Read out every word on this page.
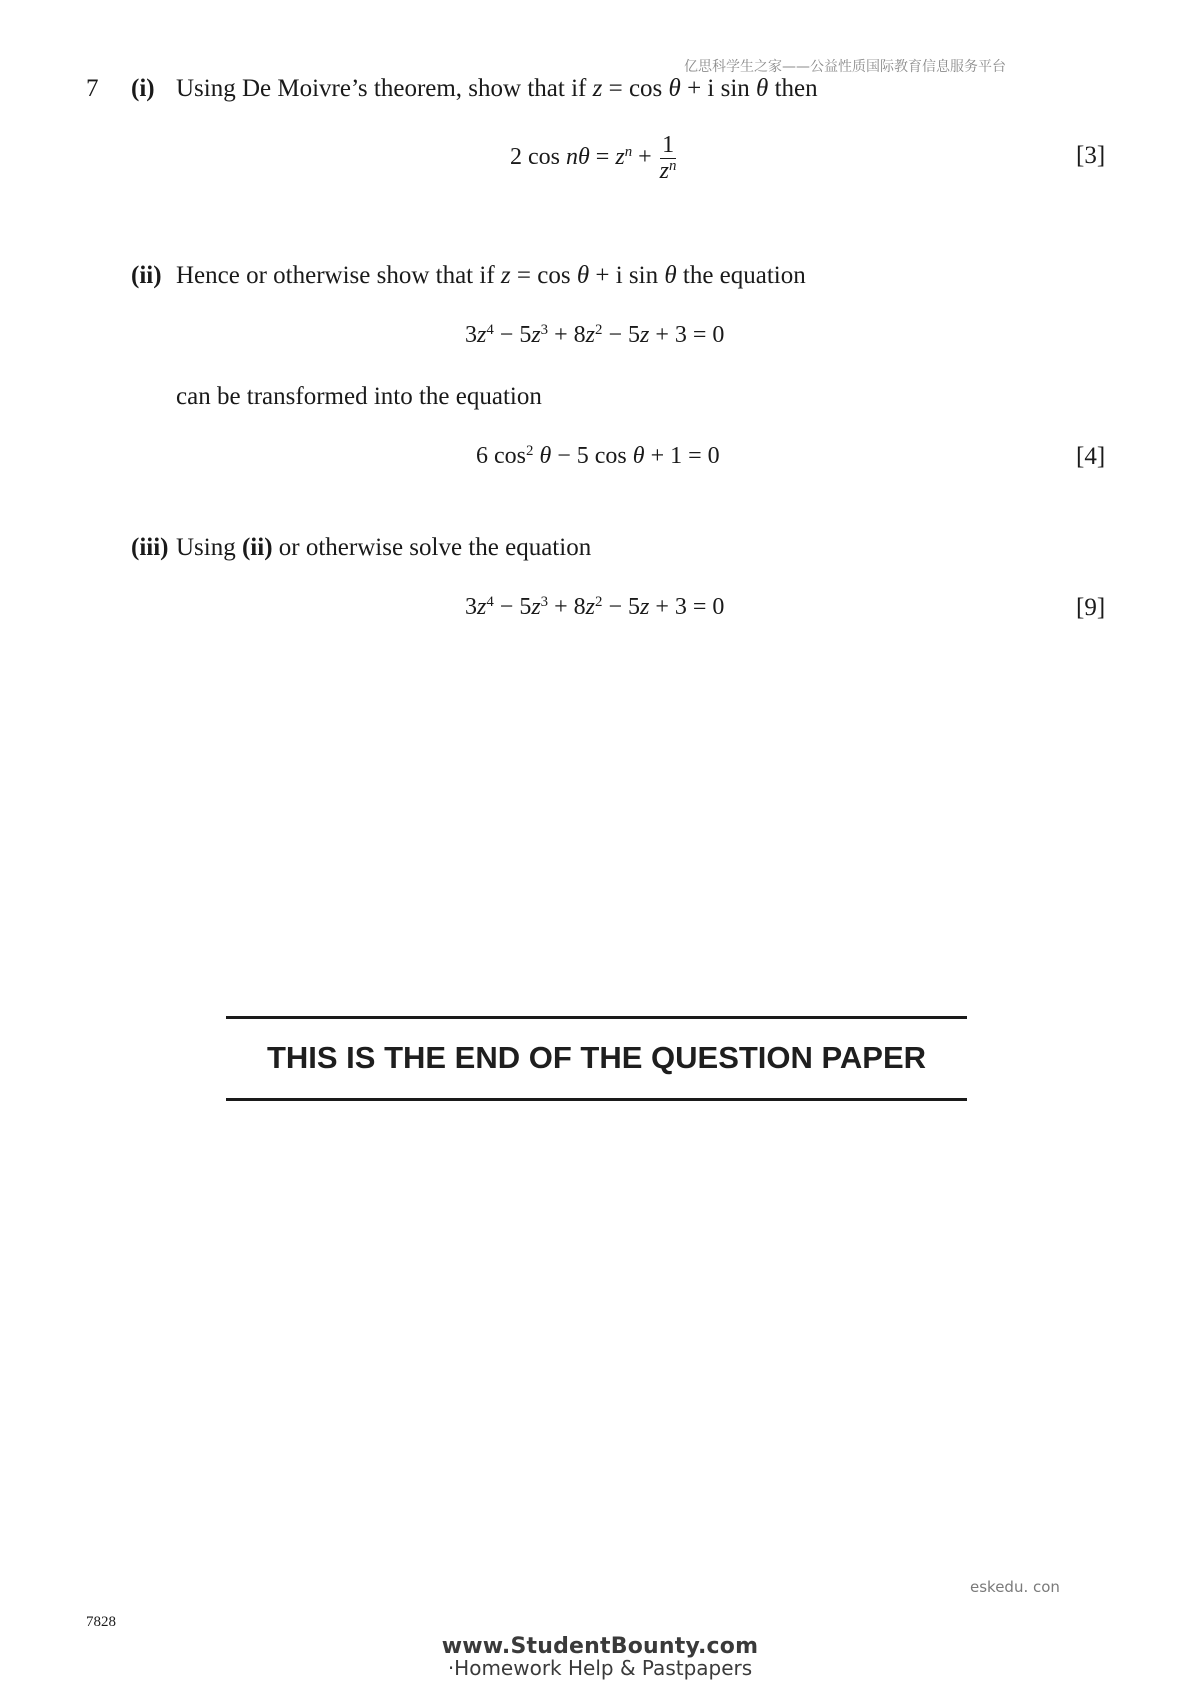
亿思科学生之家——公益性质国际教育信息服务平台
7 (i) Using De Moivre’s theorem, show that if z = cos θ + i sin θ then
2 $\cos n\theta = z^n + \frac{1}{z^n}$	[3]
(ii) Hence or otherwise show that if z = cos θ + i sin θ the equation
$3z^4 - 5z^3 + 8z^2 - 5z + 3 = 0$
can be transformed into the equation
6 $\cos^2 \theta - 5$ cos θ + 1 = 0	[4]
(iii) Using (ii) or otherwise solve the equation
$3z^4 - 5z^3 + 8z^2 - 5z + 3 = 0$	[9]
THIS IS THE END OF THE QUESTION PAPER
eskedu. con
7828
www.StudentBounty.com
·Homework Help & Pastpapers
